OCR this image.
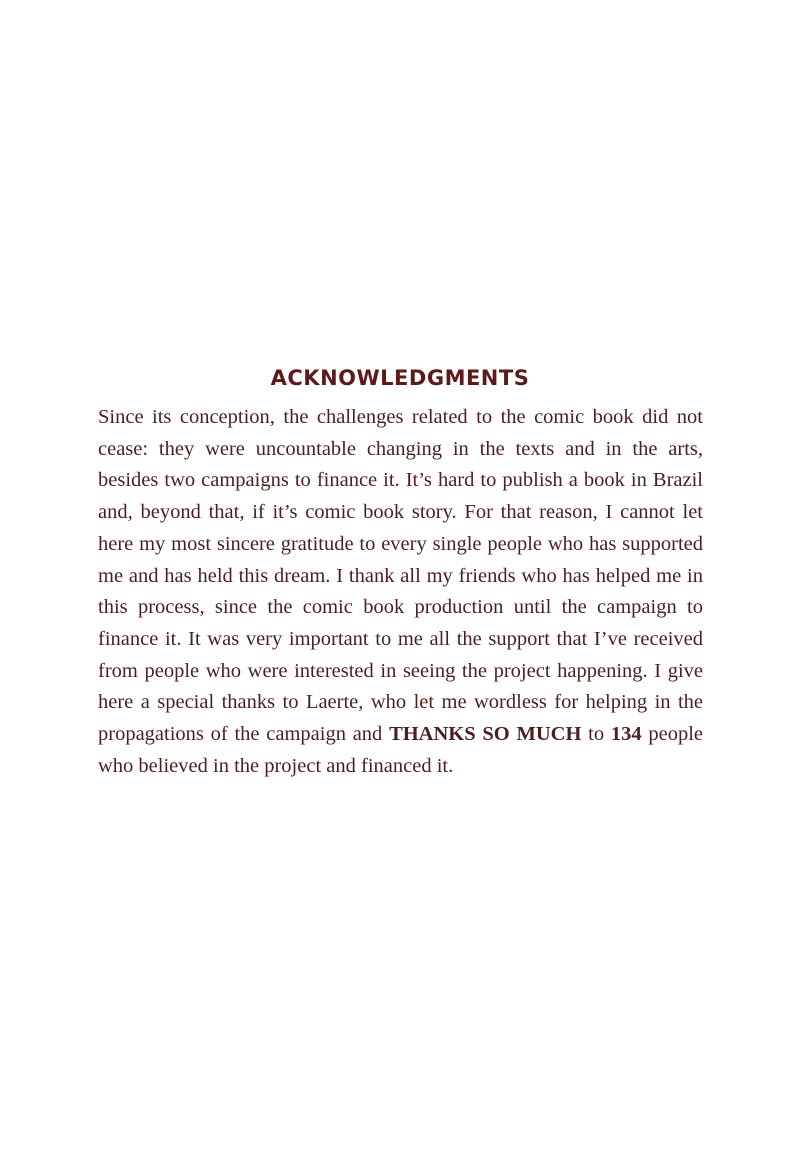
ACKNOWLEDGMENTS
Since its conception, the challenges related to the comic book did not cease: they were uncountable changing in the texts and in the arts, besides two campaigns to finance it. It’s hard to publish a book in Brazil and, beyond that, if it’s comic book story. For that reason, I cannot let here my most sincere gratitude to every single people who has supported me and has held this dream. I thank all my friends who has helped me in this process, since the comic book production until the campaign to finance it. It was very important to me all the support that I’ve received from people who were interested in seeing the project happening. I give here a special thanks to Laerte, who let me wordless for helping in the propagations of the campaign and THANKS SO MUCH to 134 people who believed in the project and financed it.
